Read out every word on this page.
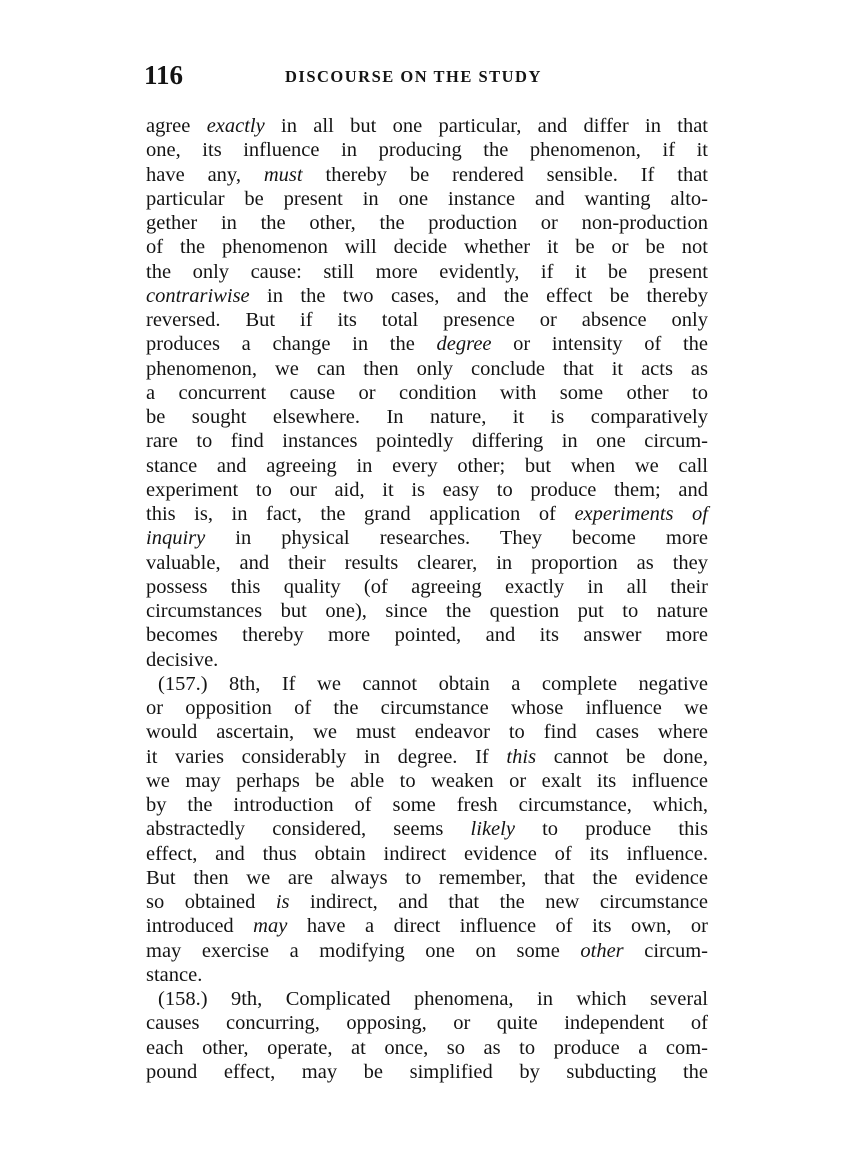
116	DISCOURSE ON THE STUDY
agree exactly in all but one particular, and differ in that
one, its influence in producing the phenomenon, if it
have any, must thereby be rendered sensible. If that
particular be present in one instance and wanting alto-
gether in the other, the production or non-production
of the phenomenon will decide whether it be or be not
the only cause: still more evidently, if it be present
contrariwise in the two cases, and the effect be thereby
reversed. But if its total presence or absence only
produces a change in the degree or intensity of the
phenomenon, we can then only conclude that it acts as
a concurrent cause or condition with some other to
be sought elsewhere. In nature, it is comparatively
rare to find instances pointedly differing in one circum-
stance and agreeing in every other; but when we call
experiment to our aid, it is easy to produce them; and
this is, in fact, the grand application of experiments of
inquiry in physical researches. They become more
valuable, and their results clearer, in proportion as they
possess this quality (of agreeing exactly in all their
circumstances but one), since the question put to nature
becomes thereby more pointed, and its answer more
decisive.
(157.) 8th, If we cannot obtain a complete negative
or opposition of the circumstance whose influence we
would ascertain, we must endeavor to find cases where
it varies considerably in degree. If this cannot be done,
we may perhaps be able to weaken or exalt its influence
by the introduction of some fresh circumstance, which,
abstractedly considered, seems likely to produce this
effect, and thus obtain indirect evidence of its influence.
But then we are always to remember, that the evidence
so obtained is indirect, and that the new circumstance
introduced may have a direct influence of its own, or
may exercise a modifying one on some other circum-
stance.
(158.) 9th, Complicated phenomena, in which several
causes concurring, opposing, or quite independent of
each other, operate, at once, so as to produce a com-
pound effect, may be simplified by subducting the
